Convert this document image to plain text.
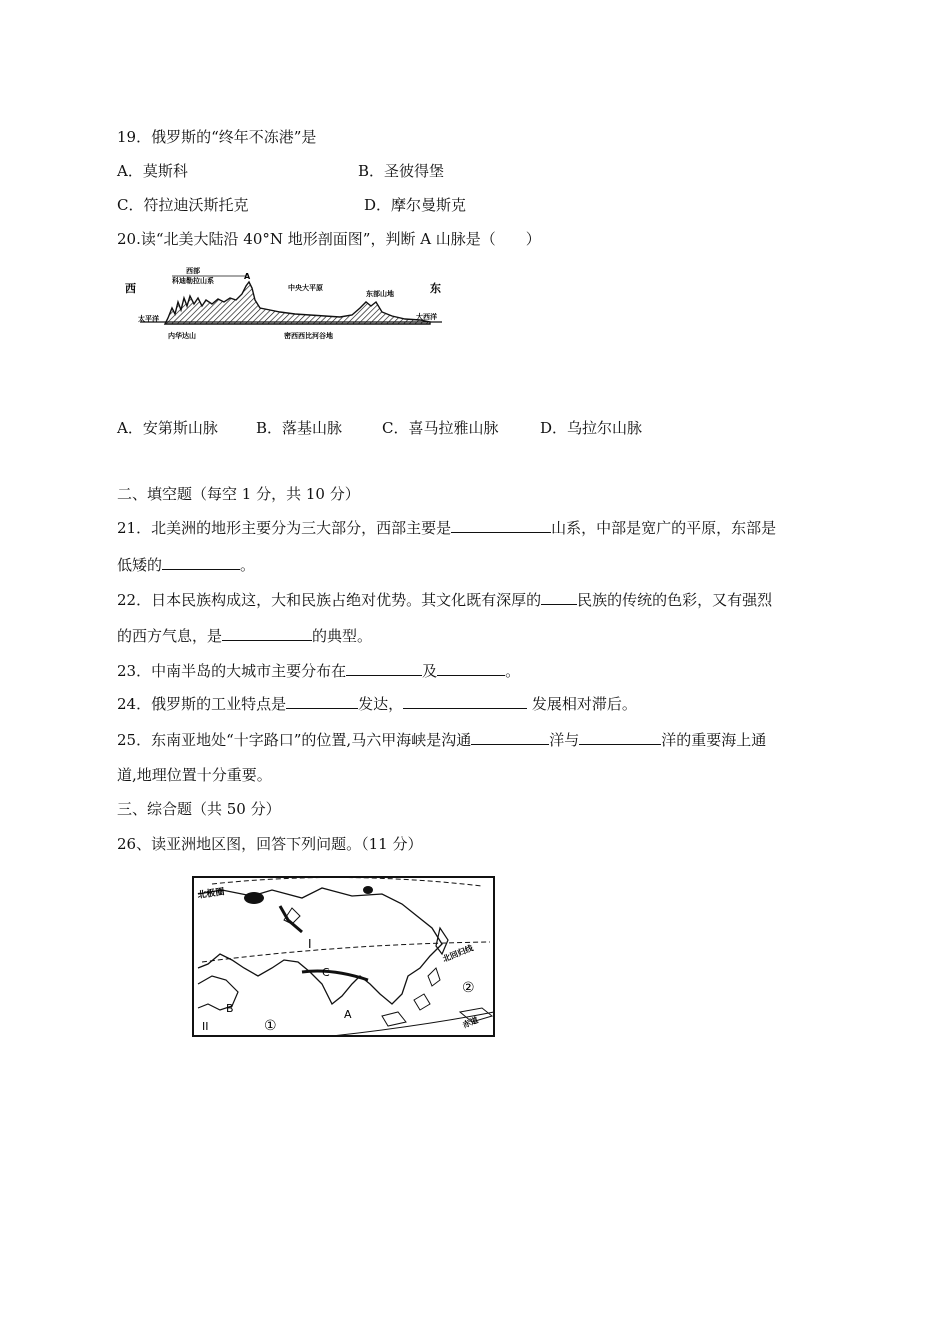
19．俄罗斯的“终年不冻港”是
A．莫斯科	B．圣彼得堡
C．符拉迪沃斯托克	D．摩尔曼斯克
20.读“北美大陆沿 40°N 地形剖面图”，判断 A 山脉是（　　）
西	东
西部
科迪勒拉山系	A
中央大平原
东部山地
太平洋	大西洋
内华达山	密西西比河谷地
A．安第斯山脉	B．落基山脉	C．喜马拉雅山脉	D．乌拉尔山脉
二、填空题（每空 1 分，共 10 分）
21．北美洲的地形主要分为三大部分，西部主要是	山系，中部是宽广的平原，东部是
低矮的	。
22．日本民族构成这，大和民族占绝对优势。其文化既有深厚的 民族的传统的色彩，又有强烈
的西方气息，是	的典型。
23．中南半岛的大城市主要分布在	及	。
24．俄罗斯的工业特点是	发达，	发展相对滞后。
25．东南亚地处“十字路口”的位置,马六甲海峡是沟通	洋与	洋的重要海上通
道,地理位置十分重要。
三、综合题（共 50 分）
26、读亚洲地区图，回答下列问题。（11 分）
北极圈
北回归线
赤道
I
II
A
B
C
①
②
